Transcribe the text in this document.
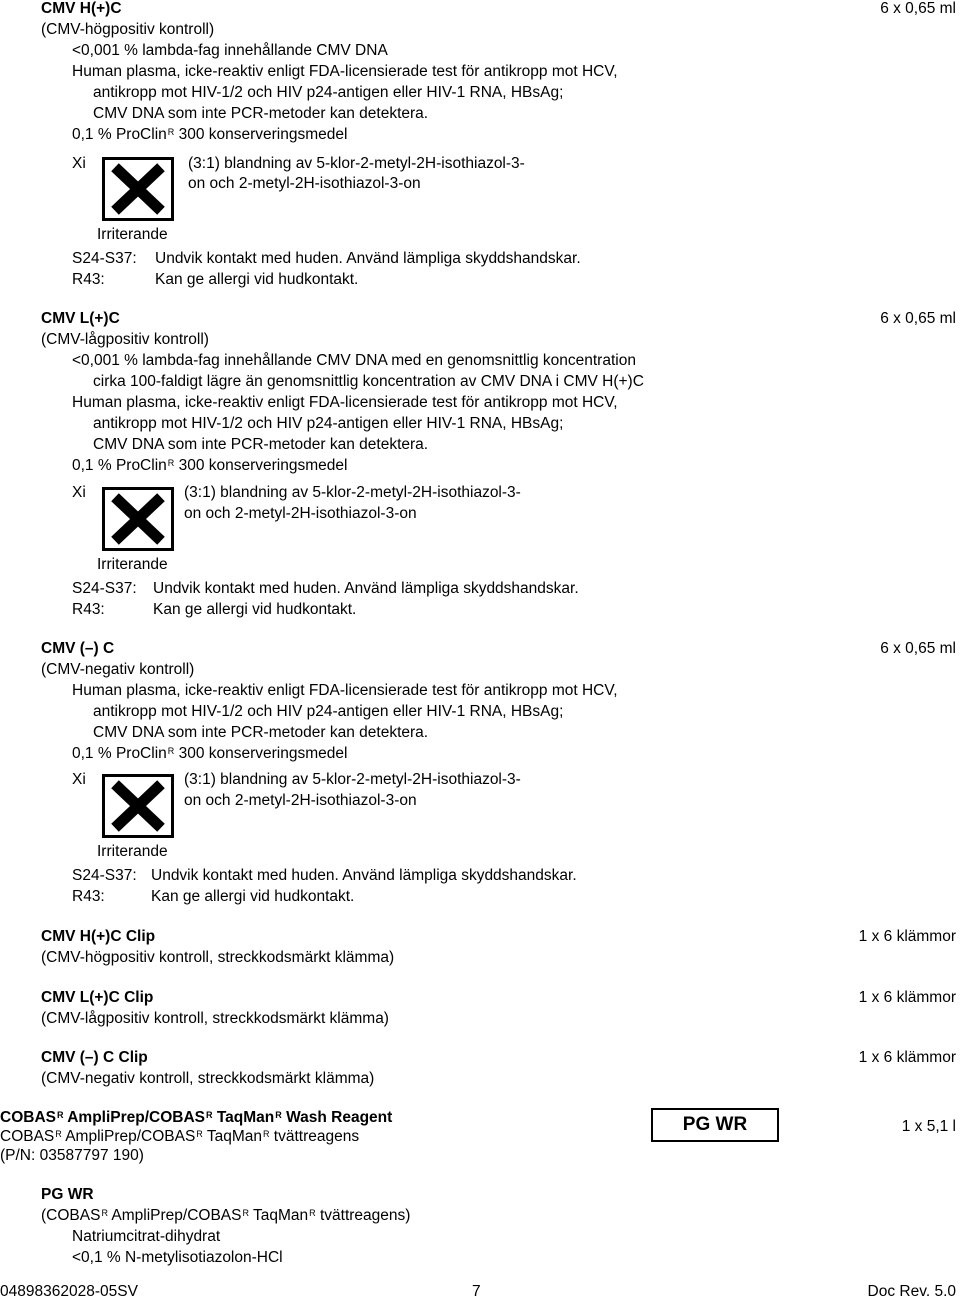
CMV H(+)C	6 x 0,65 ml
(CMV-högpositiv kontroll)
<0,001 % lambda-fag innehållande CMV DNA
Human plasma, icke-reaktiv enligt FDA-licensierade test för antikropp mot HCV,
antikropp mot HIV-1/2 och HIV p24-antigen eller HIV-1 RNA, HBsAg;
CMV DNA som inte PCR-metoder kan detektera.
0,1 % ProClin$^R$ 300 konserveringsmedel
Xi	(3:1) blandning av 5-klor-2-metyl-2H-isothiazol-3-
on och 2-metyl-2H-isothiazol-3-on
Irriterande
S24-S37: Undvik kontakt med huden. Använd lämpliga skyddshandskar.
R43:	Kan ge allergi vid hudkontakt.
CMV L(+)C	6 x 0,65 ml
(CMV-lågpositiv kontroll)
<0,001 % lambda-fag innehållande CMV DNA med en genomsnittlig koncentration
cirka 100-faldigt lägre än genomsnittlig koncentration av CMV DNA i CMV H(+)C
Human plasma, icke-reaktiv enligt FDA-licensierade test för antikropp mot HCV,
antikropp mot HIV-1/2 och HIV p24-antigen eller HIV-1 RNA, HBsAg;
CMV DNA som inte PCR-metoder kan detektera.
0,1 % ProClin$^R$ 300 konserveringsmedel
Xi	(3:1) blandning av 5-klor-2-metyl-2H-isothiazol-3-
on och 2-metyl-2H-isothiazol-3-on
Irriterande
S24-S37: Undvik kontakt med huden. Använd lämpliga skyddshandskar.
R43:	Kan ge allergi vid hudkontakt.
CMV (–) C	6 x 0,65 ml
(CMV-negativ kontroll)
Human plasma, icke-reaktiv enligt FDA-licensierade test för antikropp mot HCV,
antikropp mot HIV-1/2 och HIV p24-antigen eller HIV-1 RNA, HBsAg;
CMV DNA som inte PCR-metoder kan detektera.
0,1 % ProClin$^R$ 300 konserveringsmedel
Xi	(3:1) blandning av 5-klor-2-metyl-2H-isothiazol-3-
on och 2-metyl-2H-isothiazol-3-on
Irriterande
S24-S37: Undvik kontakt med huden. Använd lämpliga skyddshandskar.
R43:	Kan ge allergi vid hudkontakt.
CMV H(+)C Clip	1 x 6 klämmor
(CMV-högpositiv kontroll, streckkodsmärkt klämma)
CMV L(+)C Clip	1 x 6 klämmor
(CMV-lågpositiv kontroll, streckkodsmärkt klämma)
CMV (–) C Clip	1 x 6 klämmor
(CMV-negativ kontroll, streckkodsmärkt klämma)
$COBAS^R$ AmpliPrep/$COBAS^R$ TaqMan$^R$ Wash Reagent
$COBAS^R$ AmpliPrep/$COBAS^R$ TaqMan$^R$ tvättreagens
(P/N: 03587797 190)
PG WR	1 x 5,1 l
PG WR
($COBAS^R$ AmpliPrep/$COBAS^R$ TaqMan$^R$ tvättreagens)
Natriumcitrat-dihydrat
<0,1 % N-metylisotiazolon-HCl
04898362028-05SV	7	Doc Rev. 5.0
